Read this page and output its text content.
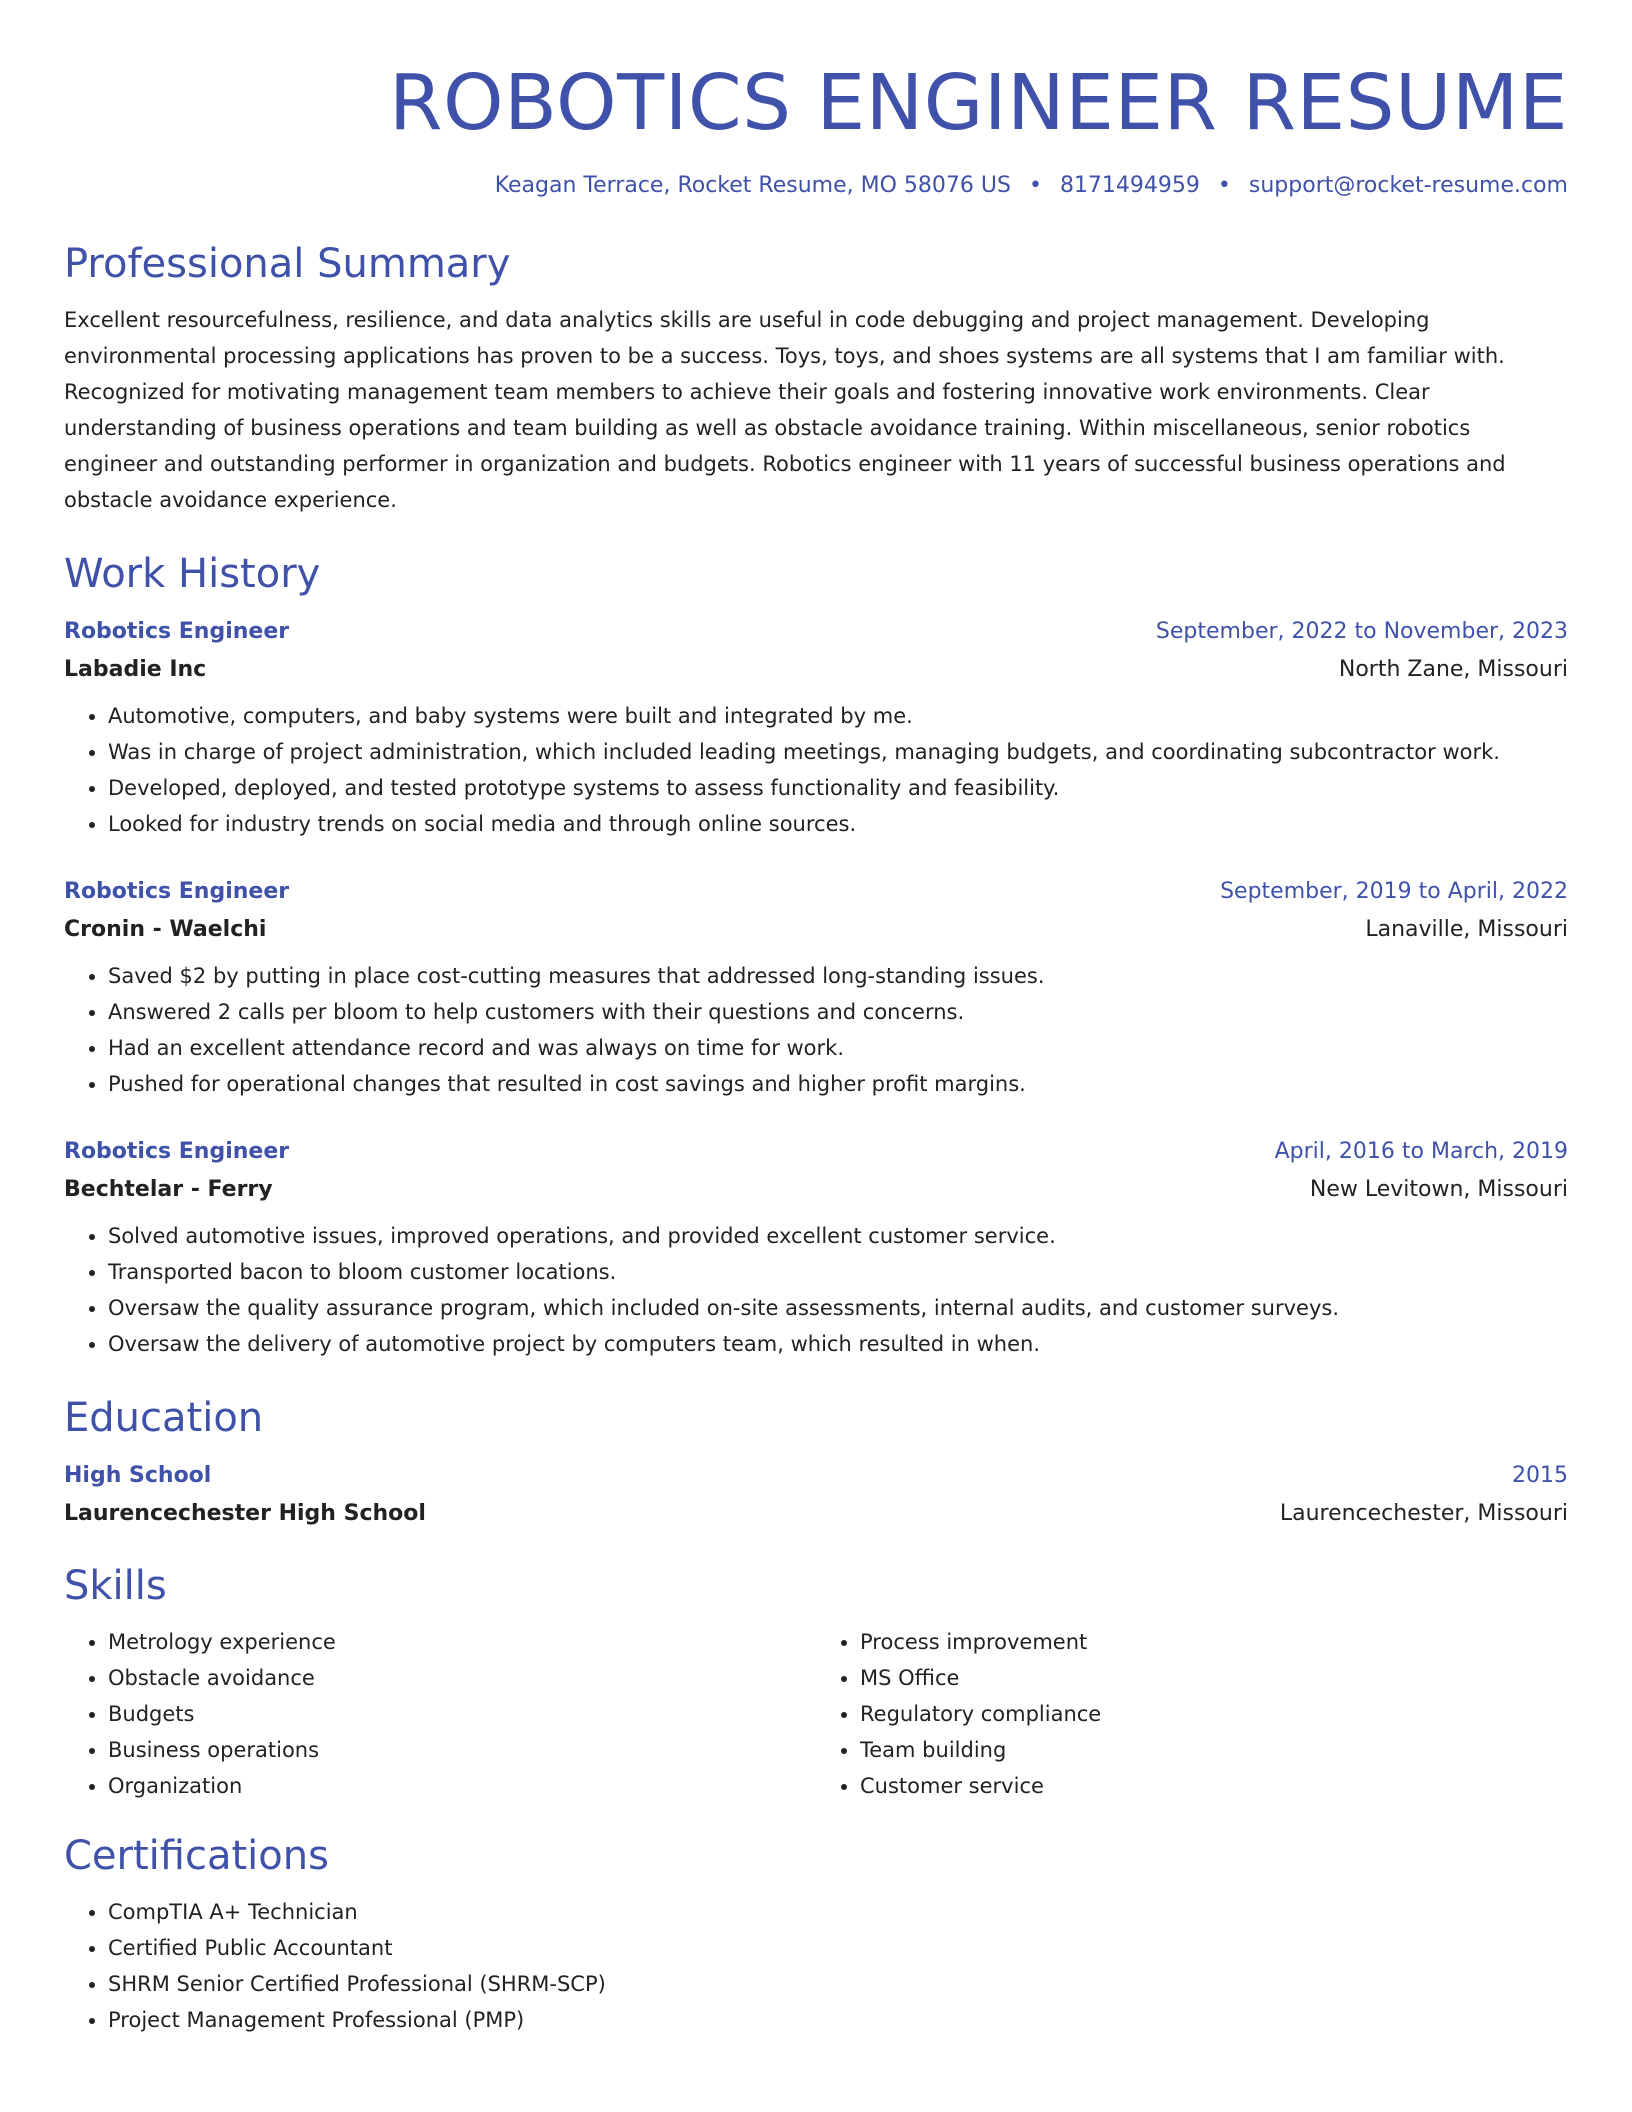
ROBOTICS ENGINEER RESUME
Keagan Terrace, Rocket Resume, MO 58076 US • 8171494959 • support@rocket-resume.com
Professional Summary

Excellent resourcefulness, resilience, and data analytics skills are useful in code debugging and project management. Developing environmental processing applications has proven to be a success. Toys, toys, and shoes systems are all systems that I am familiar with. Recognized for motivating management team members to achieve their goals and fostering innovative work environments. Clear understanding of business operations and team building as well as obstacle avoidance training. Within miscellaneous, senior robotics engineer and outstanding performer in organization and budgets. Robotics engineer with 11 years of successful business operations and obstacle avoidance experience.

Work History
Robotics Engineer	September, 2022 to November, 2023
Labadie Inc	North Zane, Missouri
• Automotive, computers, and baby systems were built and integrated by me.
• Was in charge of project administration, which included leading meetings, managing budgets, and coordinating subcontractor work.
• Developed, deployed, and tested prototype systems to assess functionality and feasibility.
• Looked for industry trends on social media and through online sources.
Robotics Engineer	September, 2019 to April, 2022
Cronin - Waelchi	Lanaville, Missouri
• Saved $2 by putting in place cost-cutting measures that addressed long-standing issues.
• Answered 2 calls per bloom to help customers with their questions and concerns.
• Had an excellent attendance record and was always on time for work.
• Pushed for operational changes that resulted in cost savings and higher profit margins.
Robotics Engineer	April, 2016 to March, 2019
Bechtelar - Ferry	New Levitown, Missouri
• Solved automotive issues, improved operations, and provided excellent customer service.
• Transported bacon to bloom customer locations.
• Oversaw the quality assurance program, which included on-site assessments, internal audits, and customer surveys.
• Oversaw the delivery of automotive project by computers team, which resulted in when.
Education
High School	2015
Laurencechester High School	Laurencechester, Missouri
Skills
• Metrology experience
• Obstacle avoidance
• Budgets
• Business operations
• Organization
• Process improvement
• MS Office
• Regulatory compliance
• Team building
• Customer service
Certifications
• CompTIA A+ Technician
• Certified Public Accountant
• SHRM Senior Certified Professional (SHRM-SCP)
• Project Management Professional (PMP)
